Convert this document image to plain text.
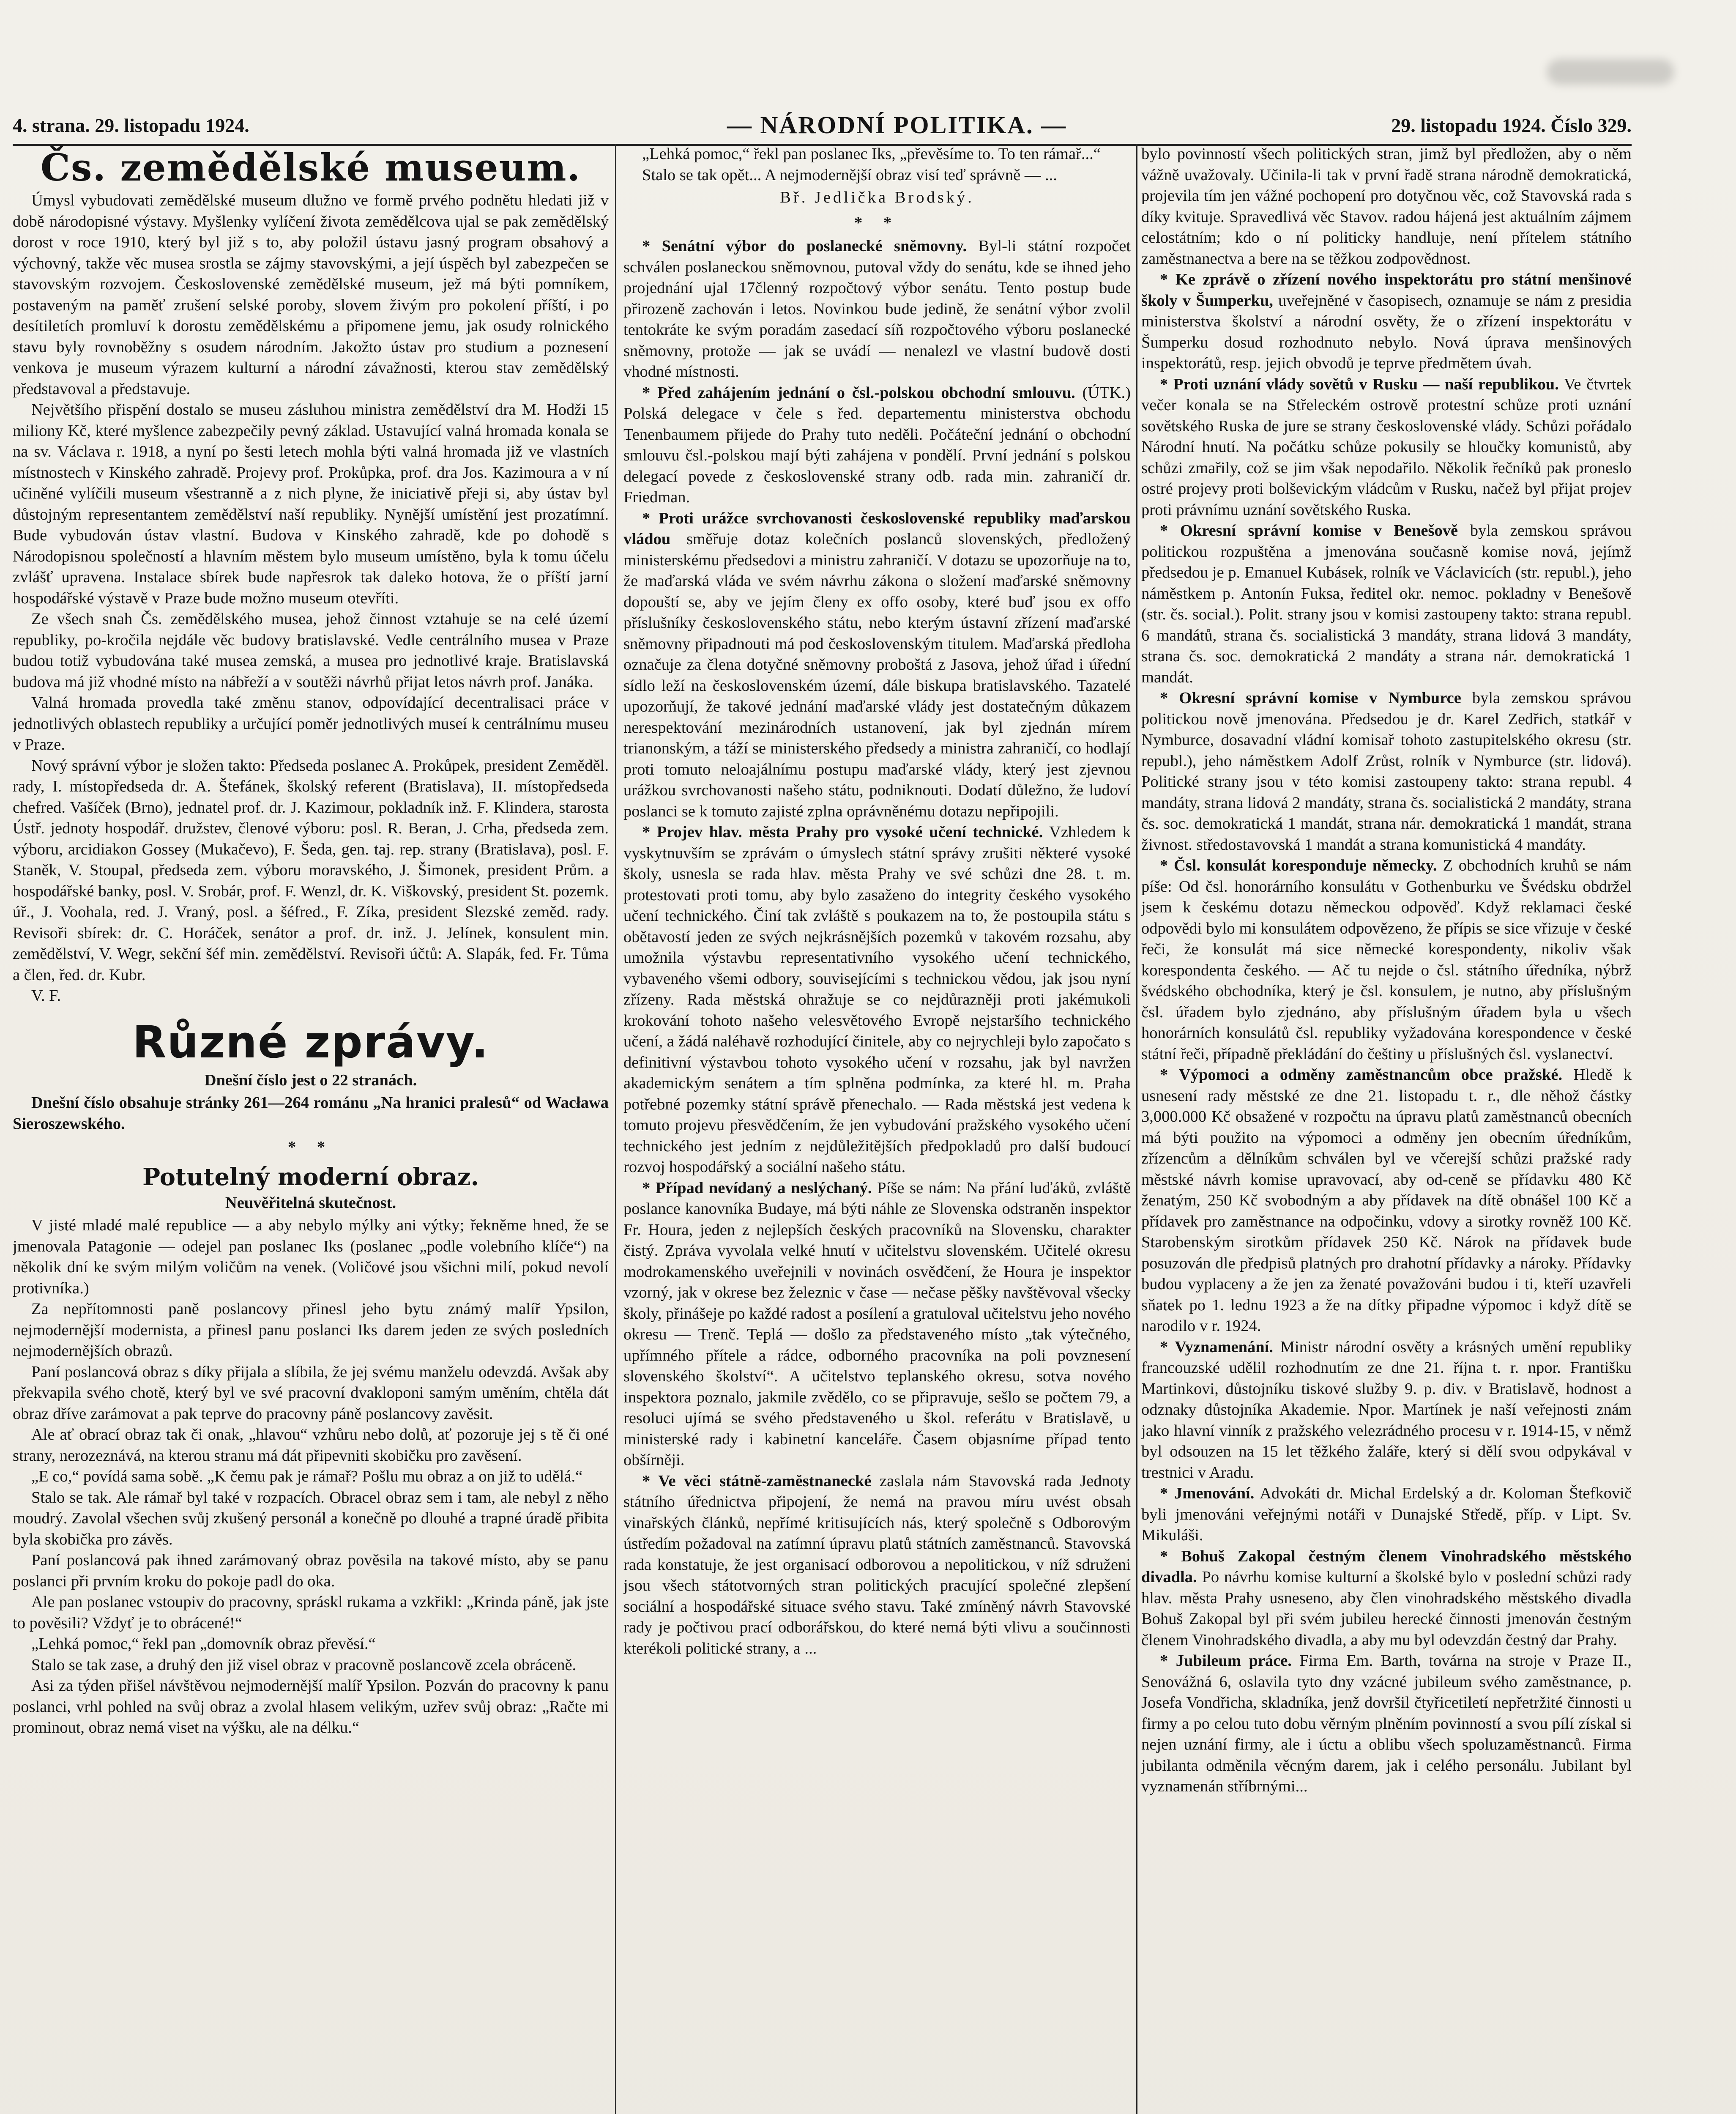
4. strana. 29. listopadu 1924.	— NÁRODNÍ POLITIKA. —	29. listopadu 1924. Číslo 329.
Čs. zemědělské museum.

Úmysl vybudovati zemědělské museum dlužno ve formě prvého podnětu hledati již v době národopisné výstavy. Myšlenky vylíčení života zemědělcova ujal se pak zemědělský dorost v roce 1910, který byl již s to, aby položil ústavu jasný program obsahový a výchovný, takže věc musea srostla se zájmy stavovskými, a její úspěch byl zabezpečen se stavovským rozvojem. Československé zemědělské museum, jež má býti pomníkem, postaveným na paměť zrušení selské poroby, slovem živým pro pokolení příští, i po desítiletích promluví k dorostu zemědělskému a připomene jemu, jak osudy rolnického stavu byly rovnoběžny s osudem národním. Jakožto ústav pro studium a poznesení venkova je museum výrazem kulturní a národní závažnosti, kterou stav zemědělský představoval a představuje.

Největšího přispění dostalo se museu zásluhou ministra zemědělství dra M. Hodži 15 miliony Kč, které myšlence zabezpečily pevný základ. Ustavující valná hromada konala se na sv. Václava r. 1918, a nyní po šesti letech mohla býti valná hromada již ve vlastních místnostech v Kinského zahradě. Projevy prof. Prokůpka, prof. dra Jos. Kazimoura a v ní učiněné vylíčili museum všestranně a z nich plyne, že iniciativě přeji si, aby ústav byl důstojným representantem zemědělství naší republiky. Nynější umístění jest prozatímní. Bude vybudován ústav vlastní. Budova v Kinského zahradě, kde po dohodě s Národopisnou společností a hlavním městem bylo museum umístěno, byla k tomu účelu zvlášť upravena. Instalace sbírek bude napřesrok tak daleko hotova, že o příští jarní hospodářské výstavě v Praze bude možno museum otevříti.

Ze všech snah Čs. zemědělského musea, jehož činnost vztahuje se na celé území republiky, po-kročila nejdále věc budovy bratislavské. Vedle centrálního musea v Praze budou totiž vybudována také musea zemská, a musea pro jednotlivé kraje. Bratislavská budova má již vhodné místo na nábřeží a v soutěži návrhů přijat letos návrh prof. Janáka.

Valná hromada provedla také změnu stanov, odpovídající decentralisaci práce v jednotlivých oblastech republiky a určující poměr jednotlivých museí k centrálnímu museu v Praze.

Nový správní výbor je složen takto: Předseda poslanec A. Prokůpek, president Zeměděl. rady, I. místopředseda dr. A. Štefánek, školský referent (Bratislava), II. místopředseda chefred. Vašíček (Brno), jednatel prof. dr. J. Kazimour, pokladník inž. F. Klindera, starosta Ústř. jednoty hospodář. družstev, členové výboru: posl. R. Beran, J. Crha, předseda zem. výboru, arcidiakon Gossey (Mukačevo), F. Šeda, gen. taj. rep. strany (Bratislava), posl. F. Staněk, V. Stoupal, předseda zem. výboru moravského, J. Šimonek, president Prům. a hospodářské banky, posl. V. Srobár, prof. F. Wenzl, dr. K. Viškovský, president St. pozemk. úř., J. Voohala, red. J. Vraný, posl. a šéfred., F. Zíka, president Slezské zeměd. rady. Revisoři sbírek: dr. C. Horáček, senátor a prof. dr. inž. J. Jelínek, konsulent min. zemědělství, V. Wegr, sekční šéf min. zemědělství. Revisoři účtů: A. Slapák, fed. Fr. Tůma a člen, řed. dr. Kubr.

V. F.

Různé zprávy.
Dnešní číslo jest o 22 stranách.

Dnešní číslo obsahuje stránky 261—264 románu „Na hranici pralesů“ od Wacława Sieroszewského.

* *
Potutelný moderní obraz.
Neuvěřitelná skutečnost.

V jisté mladé malé republice — a aby nebylo mýlky ani výtky; řekněme hned, že se jmenovala Patagonie — odejel pan poslanec Iks (poslanec „podle volebního klíče“) na několik dní ke svým milým voličům na venek. (Voličové jsou všichni milí, pokud nevolí protivníka.)

Za nepřítomnosti paně poslancovy přinesl jeho bytu známý malíř Ypsilon, nejmodernější modernista, a přinesl panu poslanci Iks darem jeden ze svých posledních nejmodernějších obrazů.

Paní poslancová obraz s díky přijala a slíbila, že jej svému manželu odevzdá. Avšak aby překvapila svého chotě, který byl ve své pracovní dvakloponi samým uměním, chtěla dát obraz dříve zarámovat a pak teprve do pracovny páně poslancovy zavěsit.

Ale ať obrací obraz tak či onak, „hlavou“ vzhůru nebo dolů, ať pozoruje jej s tě či oné strany, nerozeznává, na kterou stranu má dát připevniti skobičku pro zavěsení.

„E co,“ povídá sama sobě. „K čemu pak je rámař? Pošlu mu obraz a on již to udělá.“

Stalo se tak. Ale rámař byl také v rozpacích. Obracel obraz sem i tam, ale nebyl z něho moudrý. Zavolal všechen svůj zkušený personál a konečně po dlouhé a trapné úradě přibita byla skobička pro závěs.

Paní poslancová pak ihned zarámovaný obraz pověsila na takové místo, aby se panu poslanci při prvním kroku do pokoje padl do oka.

Ale pan poslanec vstoupiv do pracovny, spráskl rukama a vzkřikl: „Krinda páně, jak jste to pověsili? Vždyť je to obrácené!“

„Lehká pomoc,“ řekl pan „domovník obraz převěsí.“

Stalo se tak zase, a druhý den již visel obraz v pracovně poslancově zcela obráceně.

Asi za týden přišel návštěvou nejmodernější malíř Ypsilon. Pozván do pracovny k panu poslanci, vrhl pohled na svůj obraz a zvolal hlasem velikým, uzřev svůj obraz: „Račte mi prominout, obraz nemá viset na výšku, ale na délku.“

„Lehká pomoc,“ řekl pan poslanec Iks, „převěsíme to. To ten rámař...“

Stalo se tak opět... A nejmodernější obraz visí teď správně — ...

Bř. Jedlička Brodský.
* *

* Senátní výbor do poslanecké sněmovny. Byl-li státní rozpočet schválen poslaneckou sněmovnou, putoval vždy do senátu, kde se ihned jeho projednání ujal 17členný rozpočtový výbor senátu. Tento postup bude přirozeně zachován i letos. Novinkou bude jedině, že senátní výbor zvolil tentokráte ke svým poradám zasedací síň rozpočtového výboru poslanecké sněmovny, protože — jak se uvádí — nenalezl ve vlastní budově dosti vhodné místnosti.

* Před zahájením jednání o čsl.-polskou obchodní smlouvu. (ÚTK.) Polská delegace v čele s řed. departementu ministerstva obchodu Tenenbaumem přijede do Prahy tuto neděli. Počáteční jednání o obchodní smlouvu čsl.-polskou mají býti zahájena v pondělí. První jednání s polskou delegací povede z československé strany odb. rada min. zahraničí dr. Friedman.

* Proti urážce svrchovanosti československé republiky maďarskou vládou směřuje dotaz kolečních poslanců slovenských, předložený ministerskému předsedovi a ministru zahraničí. V dotazu se upozorňuje na to, že maďarská vláda ve svém návrhu zákona o složení maďarské sněmovny dopouští se, aby ve jejím členy ex offo osoby, které buď jsou ex offo příslušníky československého státu, nebo kterým ústavní zřízení maďarské sněmovny připadnouti má pod československým titulem. Maďarská předloha označuje za člena dotyčné sněmovny proboštá z Jasova, jehož úřad i úřední sídlo leží na československém území, dále biskupa bratislavského. Tazatelé upozorňují, že takové jednání maďarské vlády jest dostatečným důkazem nerespektování mezinárodních ustanovení, jak byl zjednán mírem trianonským, a táží se ministerského předsedy a ministra zahraničí, co hodlají proti tomuto neloajálnímu postupu maďarské vlády, který jest zjevnou urážkou svrchovanosti našeho státu, podniknouti. Dodatí důležno, že ludoví poslanci se k tomuto zajisté zplna oprávněnému dotazu nepřipojili.

* Projev hlav. města Prahy pro vysoké učení technické. Vzhledem k vyskytnuvším se zprávám o úmyslech státní správy zrušiti některé vysoké školy, usnesla se rada hlav. města Prahy ve své schůzi dne 28. t. m. protestovati proti tomu, aby bylo zasaženo do integrity českého vysokého učení technického. Činí tak zvláště s poukazem na to, že postoupila státu s obětavostí jeden ze svých nejkrásnějších pozemků v takovém rozsahu, aby umožnila výstavbu representativního vysokého učení technického, vybaveného všemi odbory, souvisejícími s technickou vědou, jak jsou nyní zřízeny. Rada městská ohražuje se co nejdůrazněji proti jakémukoli krokování tohoto našeho velesvětového Evropě nejstaršího technického učení, a žádá naléhavě rozhodující činitele, aby co nejrychleji bylo započato s definitivní výstavbou tohoto vysokého učení v rozsahu, jak byl navržen akademickým senátem a tím splněna podmínka, za které hl. m. Praha potřebné pozemky státní správě přenechalo. — Rada městská jest vedena k tomuto projevu přesvědčením, že jen vybudování pražského vysokého učení technického jest jedním z nejdůležitějších předpokladů pro další budoucí rozvoj hospodářský a sociální našeho státu.

* Případ nevídaný a neslýchaný. Píše se nám: Na přání luďáků, zvláště poslance kanovníka Budaye, má býti náhle ze Slovenska odstraněn inspektor Fr. Houra, jeden z nejlepších českých pracovníků na Slovensku, charakter čistý. Zpráva vyvolala velké hnutí v učitelstvu slovenském. Učitelé okresu modrokamenského uveřejnili v novinách osvědčení, že Houra je inspektor vzorný, jak v okrese bez železnic v čase — nečase pěšky navštěvoval všecky školy, přinášeje po každé radost a posílení a gratuloval učitelstvu jeho nového okresu — Trenč. Teplá — došlo za představeného místo „tak výtečného, upřímného přítele a rádce, odborného pracovníka na poli povznesení slovenského školství“. A učitelstvo teplanského okresu, sotva nového inspektora poznalo, jakmile zvědělo, co se připravuje, sešlo se počtem 79, a resoluci ujímá se svého představeného u škol. referátu v Bratislavě, u ministerské rady i kabinetní kanceláře. Časem objasníme případ tento obšírněji.

* Ve věci státně-zaměstnanecké zaslala nám Stavovská rada Jednoty státního úřednictva připojení, že nemá na pravou míru uvést obsah vinařských článků, nepřímé kritisujících nás, který společně s Odborovým ústředím požadoval na zatímní úpravu platů státních zaměstnanců. Stavovská rada konstatuje, že jest organisací odborovou a nepolitickou, v níž sdruženi jsou všech státotvorných stran politických pracující společné zlepšení sociální a hospodářské situace svého stavu. Také zmíněný návrh Stavovské rady je počtivou prací odborářskou, do které nemá býti vlivu a součinnosti kterékoli politické strany, a ...

bylo povinností všech politických stran, jimž byl předložen, aby o něm vážně uvažovaly. Učinila-li tak v první řadě strana národně demokratická, projevila tím jen vážné pochopení pro dotyčnou věc, což Stavovská rada s díky kvituje. Spravedlivá věc Stavov. radou hájená jest aktuálním zájmem celostátním; kdo o ní politicky handluje, není přítelem státního zaměstnanectva a bere na se těžkou zodpovědnost.

* Ke zprávě o zřízení nového inspektorátu pro státní menšinové školy v Šumperku, uveřejněné v časopisech, oznamuje se nám z presidia ministerstva školství a národní osvěty, že o zřízení inspektorátu v Šumperku dosud rozhodnuto nebylo. Nová úprava menšinových inspektorátů, resp. jejich obvodů je teprve předmětem úvah.

* Proti uznání vlády sovětů v Rusku — naší republikou. Ve čtvrtek večer konala se na Střeleckém ostrově protestní schůze proti uznání sovětského Ruska de jure se strany československé vlády. Schůzi pořádalo Národní hnutí. Na počátku schůze pokusily se hloučky komunistů, aby schůzi zmařily, což se jim však nepodařilo. Několik řečníků pak proneslo ostré projevy proti bolševickým vládcům v Rusku, načež byl přijat projev proti právnímu uznání sovětského Ruska.

* Okresní správní komise v Benešově byla zemskou správou politickou rozpuštěna a jmenována současně komise nová, jejímž předsedou je p. Emanuel Kubásek, rolník ve Václavicích (str. republ.), jeho náměstkem p. Antonín Fuksa, ředitel okr. nemoc. pokladny v Benešově (str. čs. social.). Polit. strany jsou v komisi zastoupeny takto: strana republ. 6 mandátů, strana čs. socialistická 3 mandáty, strana lidová 3 mandáty, strana čs. soc. demokratická 2 mandáty a strana nár. demokratická 1 mandát.

* Okresní správní komise v Nymburce byla zemskou správou politickou nově jmenována. Předsedou je dr. Karel Zedřich, statkář v Nymburce, dosavadní vládní komisař tohoto zastupitelského okresu (str. republ.), jeho náměstkem Adolf Zrůst, rolník v Nymburce (str. lidová). Politické strany jsou v této komisi zastoupeny takto: strana republ. 4 mandáty, strana lidová 2 mandáty, strana čs. socialistická 2 mandáty, strana čs. soc. demokratická 1 mandát, strana nár. demokratická 1 mandát, strana živnost. středostavovská 1 mandát a strana komunistická 4 mandáty.

* Čsl. konsulát koresponduje německy. Z obchodních kruhů se nám píše: Od čsl. honorárního konsulátu v Gothenburku ve Švédsku obdržel jsem k českému dotazu německou odpověď. Když reklamaci české odpovědi bylo mi konsulátem odpovězeno, že přípis se sice vřizuje v české řeči, že konsulát má sice německé korespondenty, nikoliv však korespondenta českého. — Ač tu nejde o čsl. státního úředníka, nýbrž švédského obchodníka, který je čsl. konsulem, je nutno, aby příslušným čsl. úřadem bylo zjednáno, aby příslušným úřadem byla u všech honorárních konsulátů čsl. republiky vyžadována korespondence v české státní řeči, případně překládání do češtiny u příslušných čsl. vyslanectví.

* Výpomoci a odměny zaměstnancům obce pražské. Hledě k usnesení rady městské ze dne 21. listopadu t. r., dle něhož částky 3,000.000 Kč obsažené v rozpočtu na úpravu platů zaměstnanců obecních má býti použito na výpomoci a odměny jen obecním úředníkům, zřízencům a dělníkům schválen byl ve včerejší schůzi pražské rady městské návrh komise upravovací, aby od-ceně se přídavku 480 Kč ženatým, 250 Kč svobodným a aby přídavek na dítě obnášel 100 Kč a přídavek pro zaměstnance na odpočinku, vdovy a sirotky rovněž 100 Kč. Starobenským sirotkům přídavek 250 Kč. Nárok na přídavek bude posuzován dle předpisů platných pro drahotní přídavky a nároky. Přídavky budou vyplaceny a že jen za ženaté považováni budou i ti, kteří uzavřeli sňatek po 1. lednu 1923 a že na dítky připadne výpomoc i když dítě se narodilo v r. 1924.

* Vyznamenání. Ministr národní osvěty a krásných umění republiky francouzské udělil rozhodnutím ze dne 21. října t. r. npor. Františku Martinkovi, důstojníku tiskové služby 9. p. div. v Bratislavě, hodnost a odznaky důstojníka Akademie. Npor. Martínek je naší veřejnosti znám jako hlavní vinník z pražského velezrádného procesu v r. 1914-15, v němž byl odsouzen na 15 let těžkého žaláře, který si dělí svou odpykával v trestnici v Aradu.

* Jmenování. Advokáti dr. Michal Erdelský a dr. Koloman Štefkovič byli jmenováni veřejnými notáři v Dunajské Středě, příp. v Lipt. Sv. Mikuláši.

* Bohuš Zakopal čestným členem Vinohradského městského divadla. Po návrhu komise kulturní a školské bylo v poslední schůzi rady hlav. města Prahy usneseno, aby člen vinohradského městského divadla Bohuš Zakopal byl při svém jubileu herecké činnosti jmenován čestným členem Vinohradského divadla, a aby mu byl odevzdán čestný dar Prahy.

* Jubileum práce. Firma Em. Barth, továrna na stroje v Praze II., Senovážná 6, oslavila tyto dny vzácné jubileum svého zaměstnance, p. Josefa Vondřicha, skladníka, jenž dovršil čtyřicetiletí nepřetržité činnosti u firmy a po celou tuto dobu věrným plněním povinností a svou pílí získal si nejen uznání firmy, ale i úctu a oblibu všech spoluzaměstnanců. Firma jubilanta odměnila věcným darem, jak i celého personálu. Jubilant byl vyznamenán stříbrnými...
